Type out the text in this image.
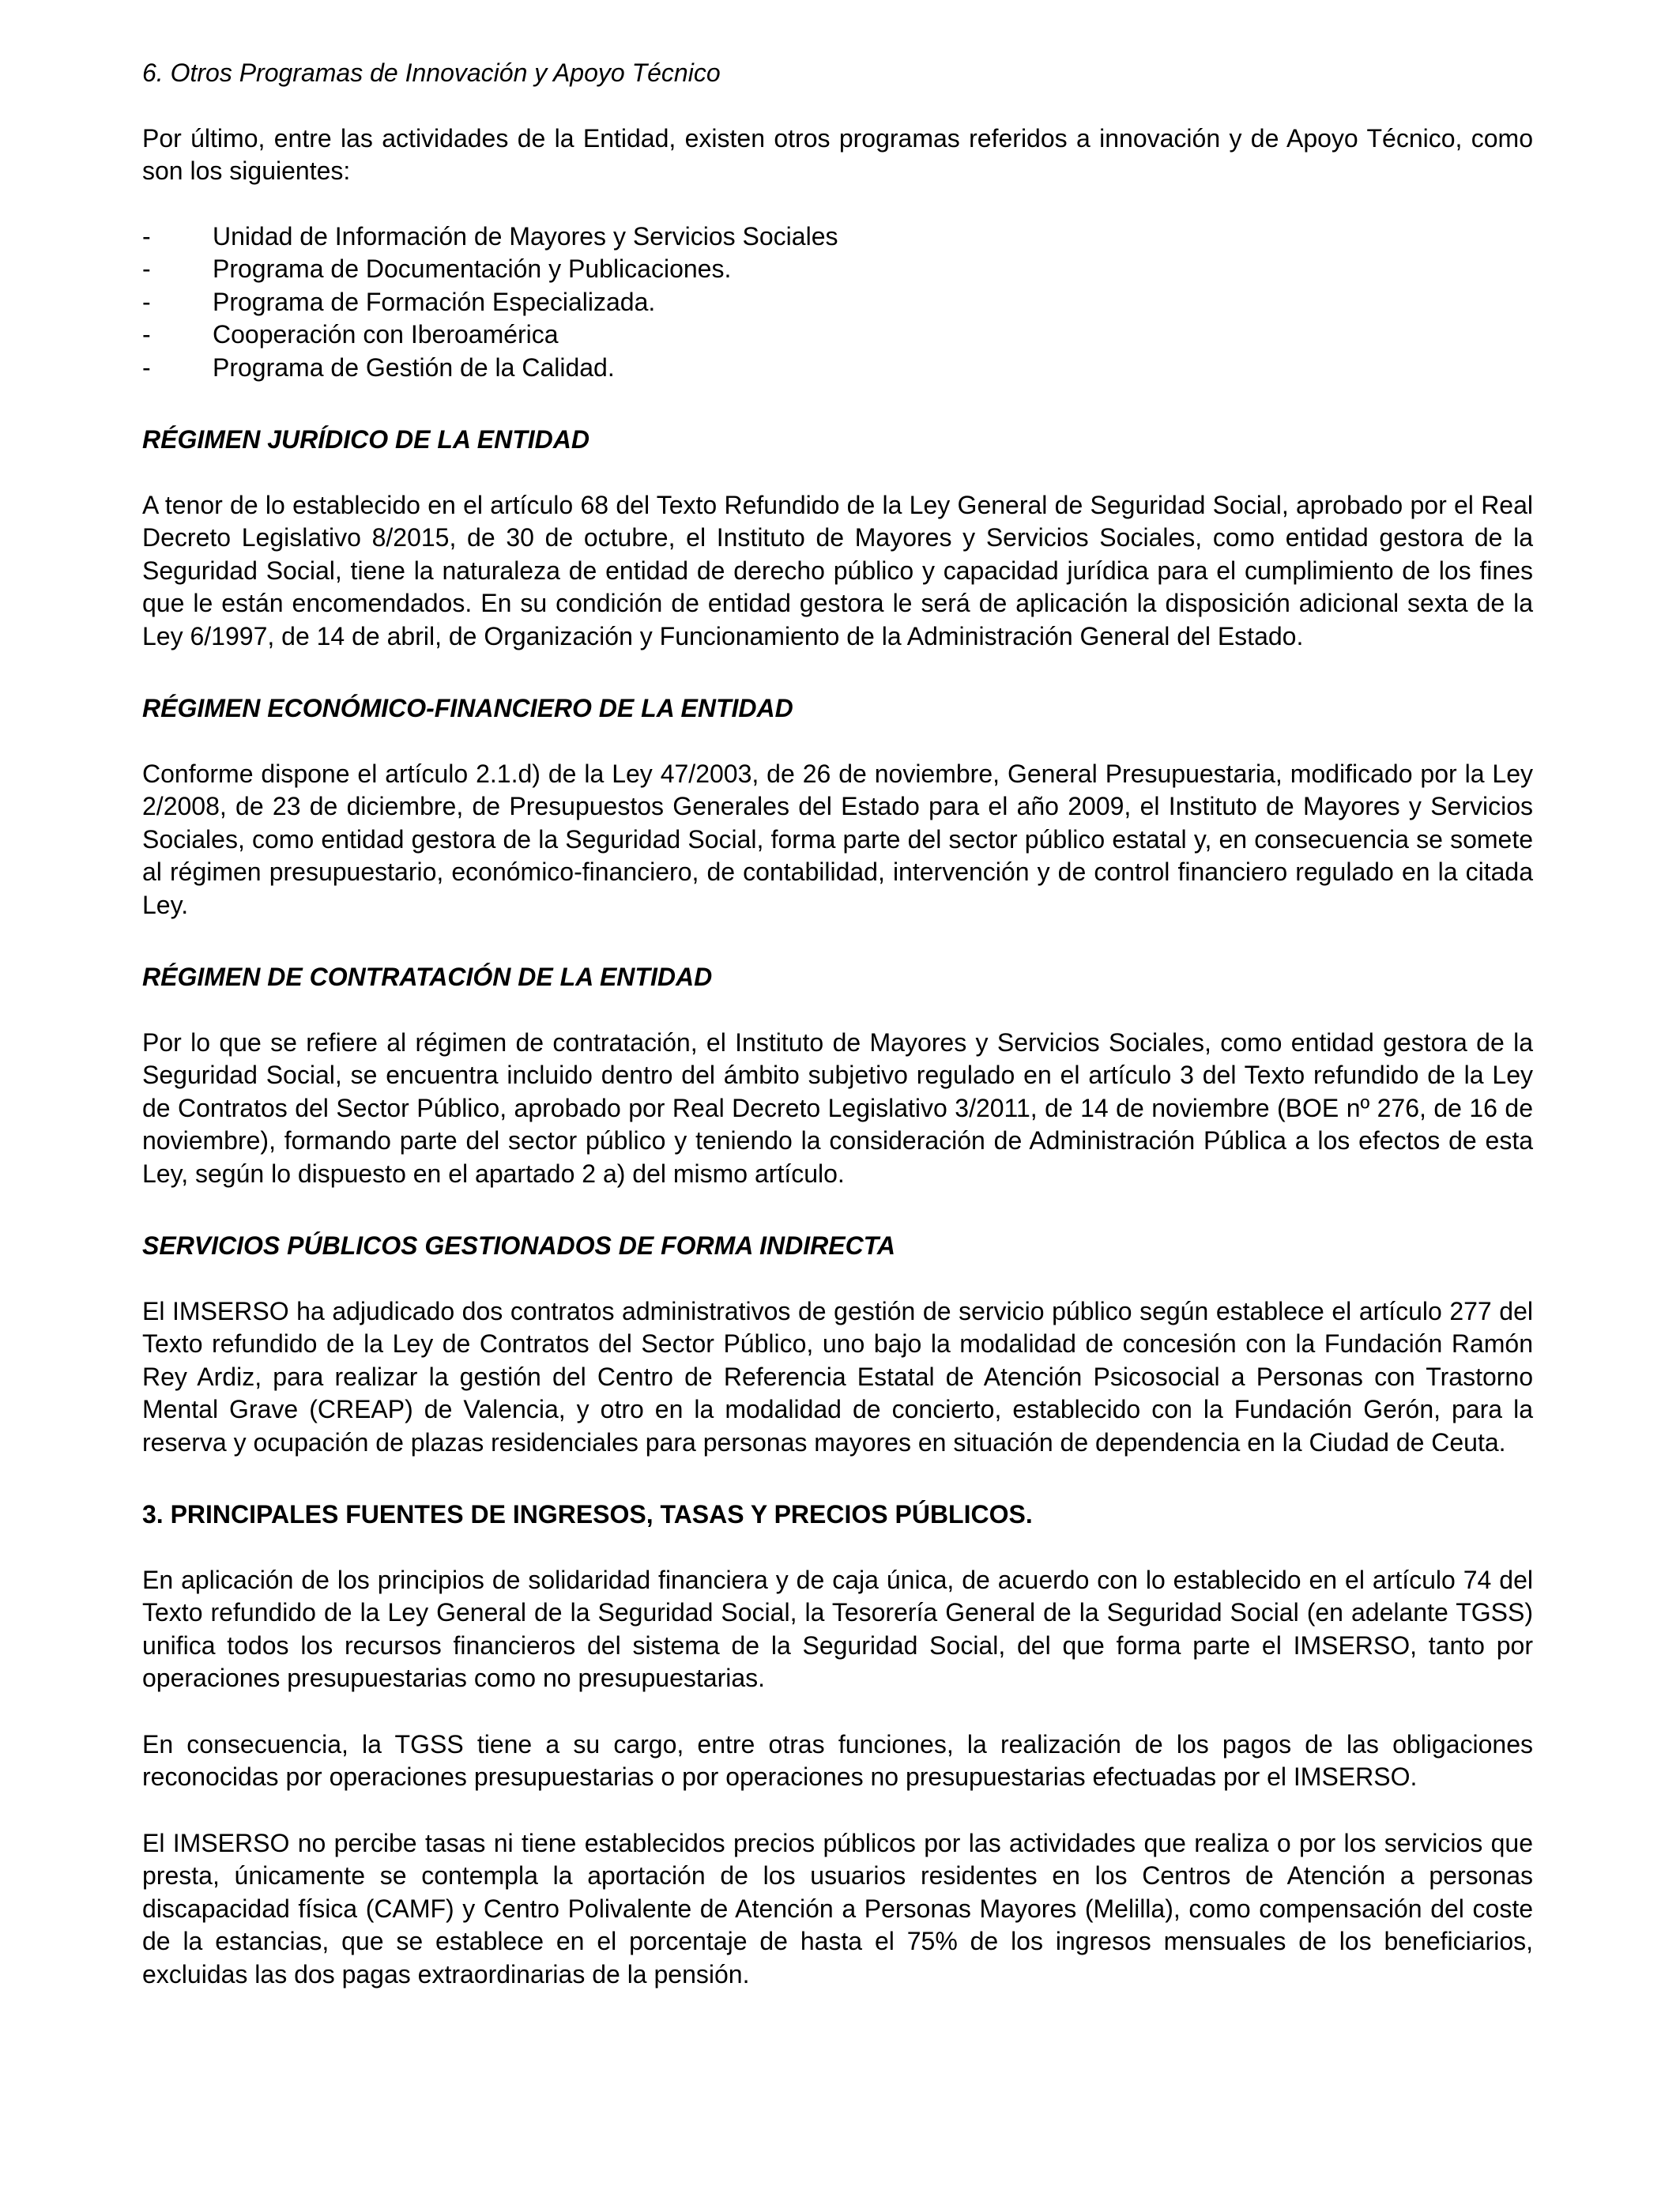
6. Otros Programas de Innovación y Apoyo Técnico

Por último, entre las actividades de la Entidad, existen otros programas referidos a innovación y de Apoyo Técnico, como son los siguientes:

- Unidad de Información de Mayores y Servicios Sociales
- Programa de Documentación y Publicaciones.
- Programa de Formación Especializada.
- Cooperación con Iberoamérica
- Programa de Gestión de la Calidad.
RÉGIMEN JURÍDICO DE LA ENTIDAD

A tenor de lo establecido en el artículo 68 del Texto Refundido de la Ley General de Seguridad Social, aprobado por el Real Decreto Legislativo 8/2015, de 30 de octubre, el Instituto de Mayores y Servicios Sociales, como entidad gestora de la Seguridad Social, tiene la naturaleza de entidad de derecho público y capacidad jurídica para el cumplimiento de los fines que le están encomendados. En su condición de entidad gestora le será de aplicación la disposición adicional sexta de la Ley 6/1997, de 14 de abril, de Organización y Funcionamiento de la Administración General del Estado.

RÉGIMEN ECONÓMICO-FINANCIERO DE LA ENTIDAD

Conforme dispone el artículo 2.1.d) de la Ley 47/2003, de 26 de noviembre, General Presupuestaria, modificado por la Ley 2/2008, de 23 de diciembre, de Presupuestos Generales del Estado para el año 2009, el Instituto de Mayores y Servicios Sociales, como entidad gestora de la Seguridad Social, forma parte del sector público estatal y, en consecuencia se somete al régimen presupuestario, económico-financiero, de contabilidad, intervención y de control financiero regulado en la citada Ley.

RÉGIMEN DE CONTRATACIÓN DE LA ENTIDAD

Por lo que se refiere al régimen de contratación, el Instituto de Mayores y Servicios Sociales, como entidad gestora de la Seguridad Social, se encuentra incluido dentro del ámbito subjetivo regulado en el artículo 3 del Texto refundido de la Ley de Contratos del Sector Público, aprobado por Real Decreto Legislativo 3/2011, de 14 de noviembre (BOE nº 276, de 16 de noviembre), formando parte del sector público y teniendo la consideración de Administración Pública a los efectos de esta Ley, según lo dispuesto en el apartado 2 a) del mismo artículo.

SERVICIOS PÚBLICOS GESTIONADOS DE FORMA INDIRECTA

El IMSERSO ha adjudicado dos contratos administrativos de gestión de servicio público según establece el artículo 277 del Texto refundido de la Ley de Contratos del Sector Público, uno bajo la modalidad de concesión con la Fundación Ramón Rey Ardiz, para realizar la gestión del Centro de Referencia Estatal de Atención Psicosocial a Personas con Trastorno Mental Grave (CREAP) de Valencia, y otro en la modalidad de concierto, establecido con la Fundación Gerón, para la reserva y ocupación de plazas residenciales para personas mayores en situación de dependencia en la Ciudad de Ceuta.

3. PRINCIPALES FUENTES DE INGRESOS, TASAS Y PRECIOS PÚBLICOS.

En aplicación de los principios de solidaridad financiera y de caja única, de acuerdo con lo establecido en el artículo 74 del Texto refundido de la Ley General de la Seguridad Social, la Tesorería General de la Seguridad Social (en adelante TGSS) unifica todos los recursos financieros del sistema de la Seguridad Social, del que forma parte el IMSERSO, tanto por operaciones presupuestarias como no presupuestarias.

En consecuencia, la TGSS tiene a su cargo, entre otras funciones, la realización de los pagos de las obligaciones reconocidas por operaciones presupuestarias o por operaciones no presupuestarias efectuadas por el IMSERSO.

El IMSERSO no percibe tasas ni tiene establecidos precios públicos por las actividades que realiza o por los servicios que presta, únicamente se contempla la aportación de los usuarios residentes en los Centros de Atención a personas discapacidad física (CAMF) y Centro Polivalente de Atención a Personas Mayores (Melilla), como compensación del coste de la estancias, que se establece en el porcentaje de hasta el 75% de los ingresos mensuales de los beneficiarios, excluidas las dos pagas extraordinarias de la pensión.
